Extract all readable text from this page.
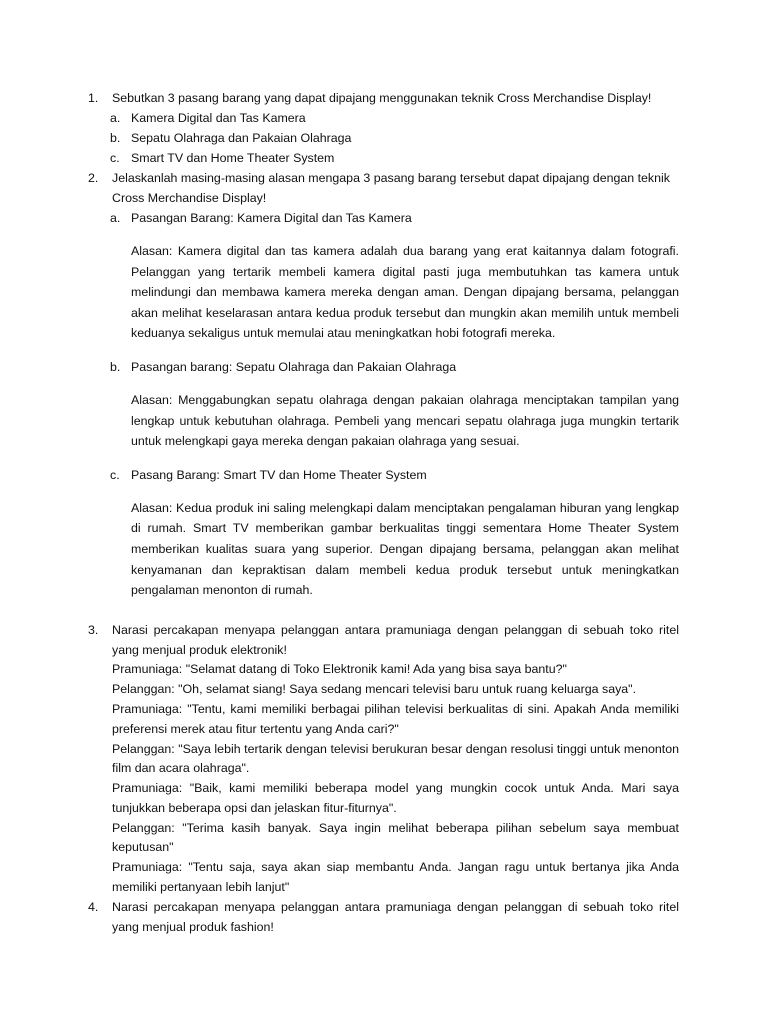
1. Sebutkan 3 pasang barang yang dapat dipajang menggunakan teknik Cross Merchandise Display!
a. Kamera Digital dan Tas Kamera
b. Sepatu Olahraga dan Pakaian Olahraga
c. Smart TV dan Home Theater System
2. Jelaskanlah masing-masing alasan mengapa 3 pasang barang tersebut dapat dipajang dengan teknik
Cross Merchandise Display!
a. Pasangan Barang: Kamera Digital dan Tas Kamera
Alasan: Kamera digital dan tas kamera adalah dua barang yang erat kaitannya dalam fotografi. Pelanggan yang tertarik membeli kamera digital pasti juga membutuhkan tas kamera untuk melindungi dan membawa kamera mereka dengan aman. Dengan dipajang bersama, pelanggan akan melihat keselarasan antara kedua produk tersebut dan mungkin akan memilih untuk membeli keduanya sekaligus untuk memulai atau meningkatkan hobi fotografi mereka.
b. Pasangan barang: Sepatu Olahraga dan Pakaian Olahraga
Alasan: Menggabungkan sepatu olahraga dengan pakaian olahraga menciptakan tampilan yang lengkap untuk kebutuhan olahraga. Pembeli yang mencari sepatu olahraga juga mungkin tertarik untuk melengkapi gaya mereka dengan pakaian olahraga yang sesuai.
c. Pasang Barang: Smart TV dan Home Theater System
Alasan: Kedua produk ini saling melengkapi dalam menciptakan pengalaman hiburan yang lengkap di rumah. Smart TV memberikan gambar berkualitas tinggi sementara Home Theater System memberikan kualitas suara yang superior. Dengan dipajang bersama, pelanggan akan melihat kenyamanan dan kepraktisan dalam membeli kedua produk tersebut untuk meningkatkan pengalaman menonton di rumah.
3. Narasi percakapan menyapa pelanggan antara pramuniaga dengan pelanggan di sebuah toko ritel yang menjual produk elektronik!
Pramuniaga: "Selamat datang di Toko Elektronik kami! Ada yang bisa saya bantu?"
Pelanggan: "Oh, selamat siang! Saya sedang mencari televisi baru untuk ruang keluarga saya".
Pramuniaga: "Tentu, kami memiliki berbagai pilihan televisi berkualitas di sini. Apakah Anda memiliki preferensi merek atau fitur tertentu yang Anda cari?"
Pelanggan: "Saya lebih tertarik dengan televisi berukuran besar dengan resolusi tinggi untuk menonton film dan acara olahraga".
Pramuniaga: "Baik, kami memiliki beberapa model yang mungkin cocok untuk Anda. Mari saya tunjukkan beberapa opsi dan jelaskan fitur-fiturnya".
Pelanggan: "Terima kasih banyak. Saya ingin melihat beberapa pilihan sebelum saya membuat keputusan"
Pramuniaga: "Tentu saja, saya akan siap membantu Anda. Jangan ragu untuk bertanya jika Anda memiliki pertanyaan lebih lanjut"
4. Narasi percakapan menyapa pelanggan antara pramuniaga dengan pelanggan di sebuah toko ritel yang menjual produk fashion!
